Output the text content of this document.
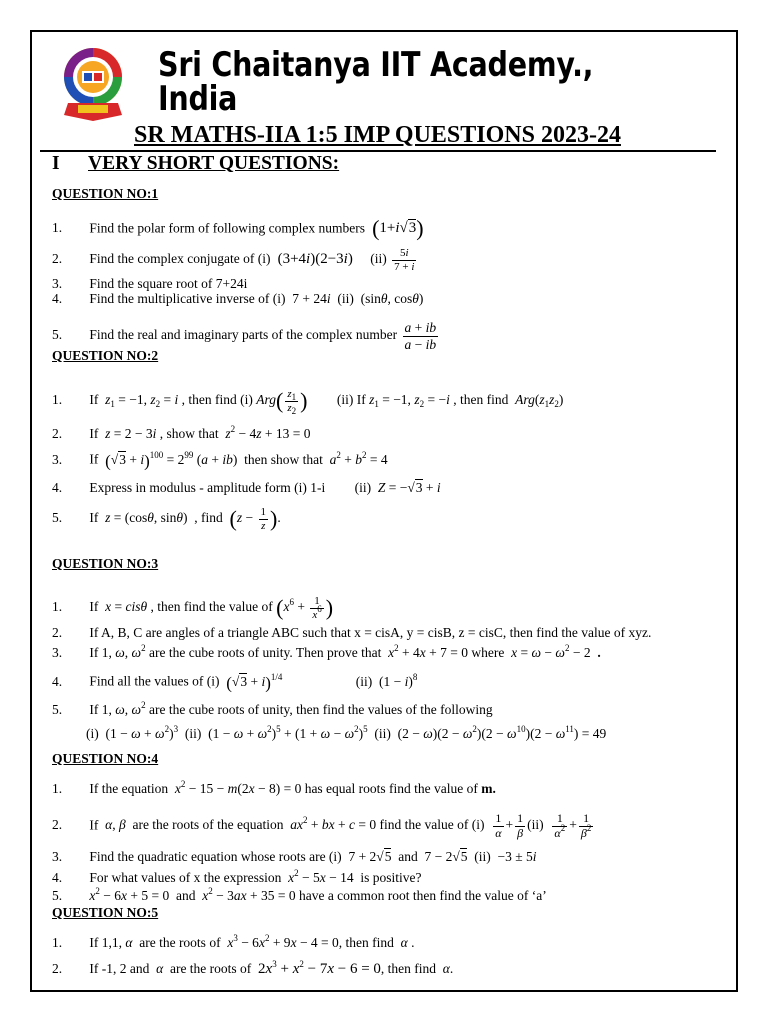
Sri Chaitanya IIT Academy., India
SR MATHS-IIA 1:5 IMP QUESTIONS 2023-24
I VERY SHORT QUESTIONS:
QUESTION NO:1
1. Find the polar form of following complex numbers (1+i√3)
2. Find the complex conjugate of (i)  (3+4i)(2−3i) $(ii) \frac{5i}{7 + i}$
3. Find the square root of 7+24i
4. Find the multiplicative inverse of (i)  7 + 24i  (ii)  (sinθ, cosθ)
5. Find the real and imaginary parts of the complex number $\frac{a + ib}{a - ib}$
QUESTION NO:2
1. If $z_1 = -1$, $z_2 = i$ , then find (i) $Arg( \frac{z_1}{z_2}$ ) (ii) If $z_1 = -1$, $z_2 = -i$ , then find  $Arg(z_1z_2)$
2. If z = 2 − 3i , show that  $z^2 - 4z + 13 = 0$
3. If $(√3 + i)^{100} = 2^{99}$ (a + ib)  then show that  $a^2 + b^2 = 4$
4. Express in modulus - amplitude form (i) 1-i (ii)  Z = −√3 + i
5. If z = (cosθ, sinθ)  , find  ($z - \frac{1}{z}$ ).
QUESTION NO:3
1. If x = cisθ , then find the value of ($x^6 + \frac{1}{x^6}$ )
2. If A, B, C are angles of a triangle ABC such that x = cisA, y = cisB, z = cisC, then find the value of xyz.
3. If 1, ω, $\omega^2$ are the cube roots of unity. Then prove that  $x^2 + 4x + 7 = 0$ where  $x = \omega - \omega^2 - 2$  .
4. Find all the values of (i) $(√3 + i)^{1/4}$	(ii)  $(1 - i)^8$
5. If 1, ω, $\omega^2$ are the cube roots of unity, then find the values of the following
(i)  $(1 - \omega + \omega^2)^3$  (ii)  $(1 - \omega + \omega^2)^5 + (1 + \omega - \omega^2)^5$  (ii)  $(2 - \omega)(2 - \omega^2)(2 - \omega^{10})(2 - \omega^{11}) = 49$
QUESTION NO:4
1. If the equation $x^2 - 15 - m(2x - 8) = 0$ has equal roots find the value of m.
2. If α, β  are the roots of the equation  $ax^2$ + bx + c = 0 find the value of $(i) \frac{1}{\alpha} + \frac{1}{\beta} (ii) \frac{1}{\alpha^2} + \frac{1}{\beta^2}$
3. Find the quadratic equation whose roots are (i)  7 + 2√5  and  7 − 2√5  (ii)  −3 ± 5i
4. For what values of x the expression $x^2 - 5x - 14$  is positive?
5. $x^2 - 6x + 5 = 0$  and  $x^2 - 3ax + 35 = 0$ have a common root then find the value of ‘a’
QUESTION NO:5
1. If 1,1, α  are the roots of  $x^3 - 6x^2 + 9x - 4 = 0$, then find  α .
2. If -1, 2 and α  are the roots of  $2x^3 + x^2 - 7x - 6 = 0$, then find  α.
